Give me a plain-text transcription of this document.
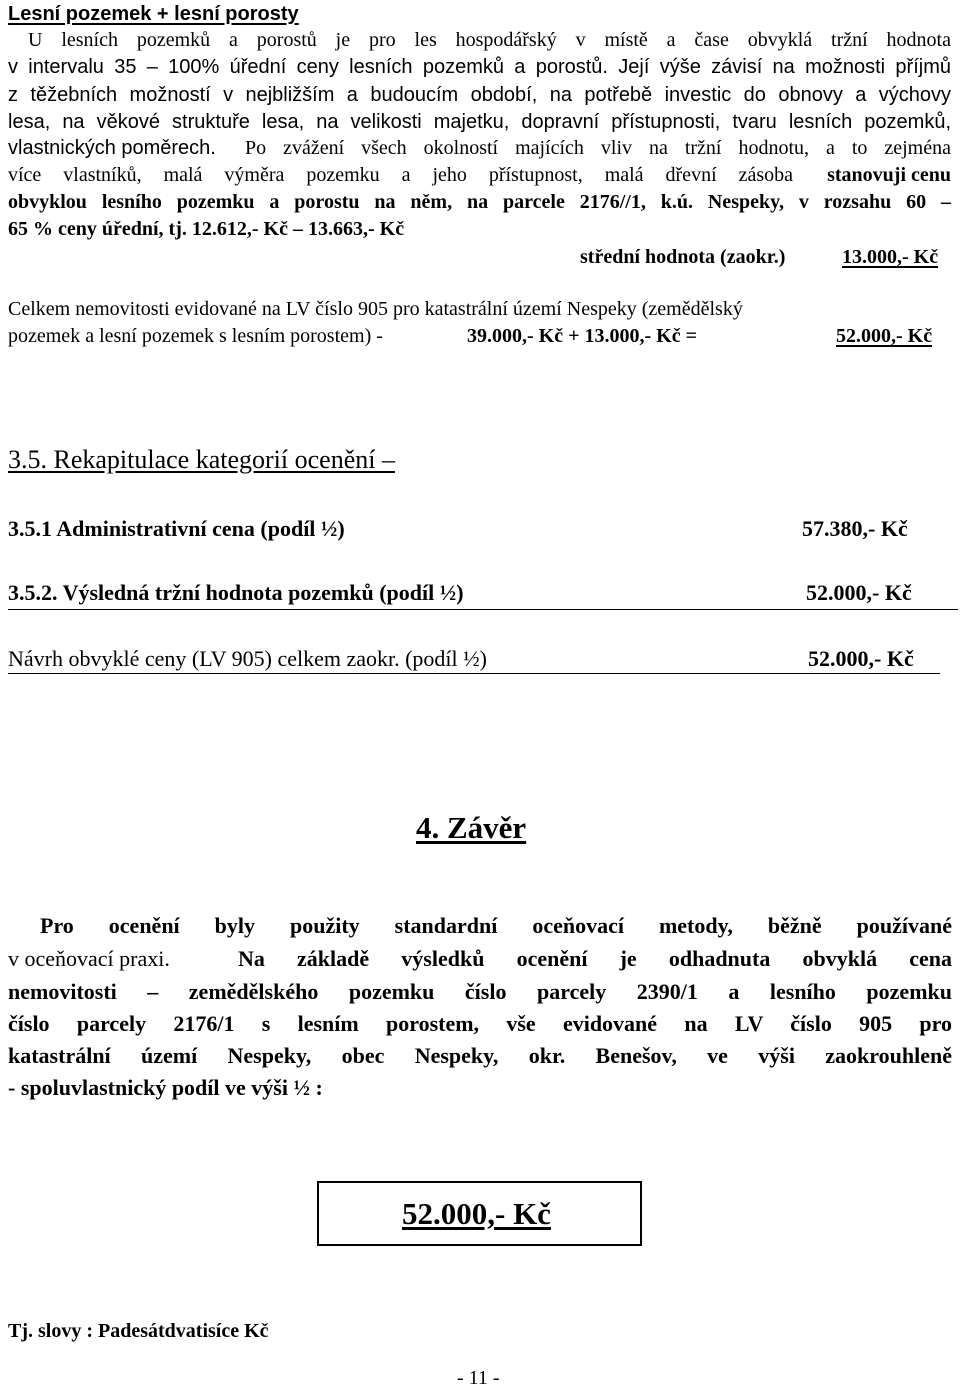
Lesní pozemek + lesní porosty
U lesních pozemků a porostů je pro les hospodářský v místě a čase obvyklá tržní hodnota
v intervalu 35 – 100% úřední ceny lesních pozemků a porostů. Její výše závisí na možnosti příjmů
z těžebních možností v nejbližším a budoucím období, na potřebě investic do obnovy a výchovy
lesa, na věkové struktuře lesa, na velikosti majetku, dopravní přístupnosti, tvaru lesních pozemků,
vlastnických poměrech. Po zvážení všech okolností majících vliv na tržní hodnotu, a to zejména
více vlastníků, malá výměra pozemku a jeho přístupnost, malá dřevní zásoba stanovuji cenu
obvyklou lesního pozemku a porostu na něm, na parcele 2176//1, k.ú. Nespeky, v rozsahu 60 –
65 % ceny úřední, tj. 12.612,- Kč – 13.663,- Kč
střední hodnota (zaokr.)	13.000,- Kč
Celkem nemovitosti evidované na LV číslo 905 pro katastrální území Nespeky (zemědělský
pozemek a lesní pozemek s lesním porostem) -	39.000,- Kč + 13.000,- Kč =	52.000,- Kč
3.5. Rekapitulace kategorií ocenění –
3.5.1 Administrativní cena (podíl ½)	57.380,- Kč
3.5.2. Výsledná tržní hodnota pozemků (podíl ½)	52.000,- Kč
Návrh obvyklé ceny (LV 905) celkem zaokr. (podíl ½)	52.000,- Kč
4. Závěr
Pro ocenění byly použity standardní oceňovací metody, běžně používané
v oceňovací praxi.	Na základě výsledků ocenění je odhadnuta obvyklá cena
nemovitosti – zemědělského pozemku číslo parcely 2390/1 a lesního pozemku
číslo parcely 2176/1 s lesním porostem, vše evidované na LV číslo 905 pro
katastrální území Nespeky, obec Nespeky, okr. Benešov, ve výši zaokrouhleně
- spoluvlastnický podíl ve výši ½ :
52.000,- Kč
Tj. slovy : Padesátdvatisíce Kč
- 11 -
